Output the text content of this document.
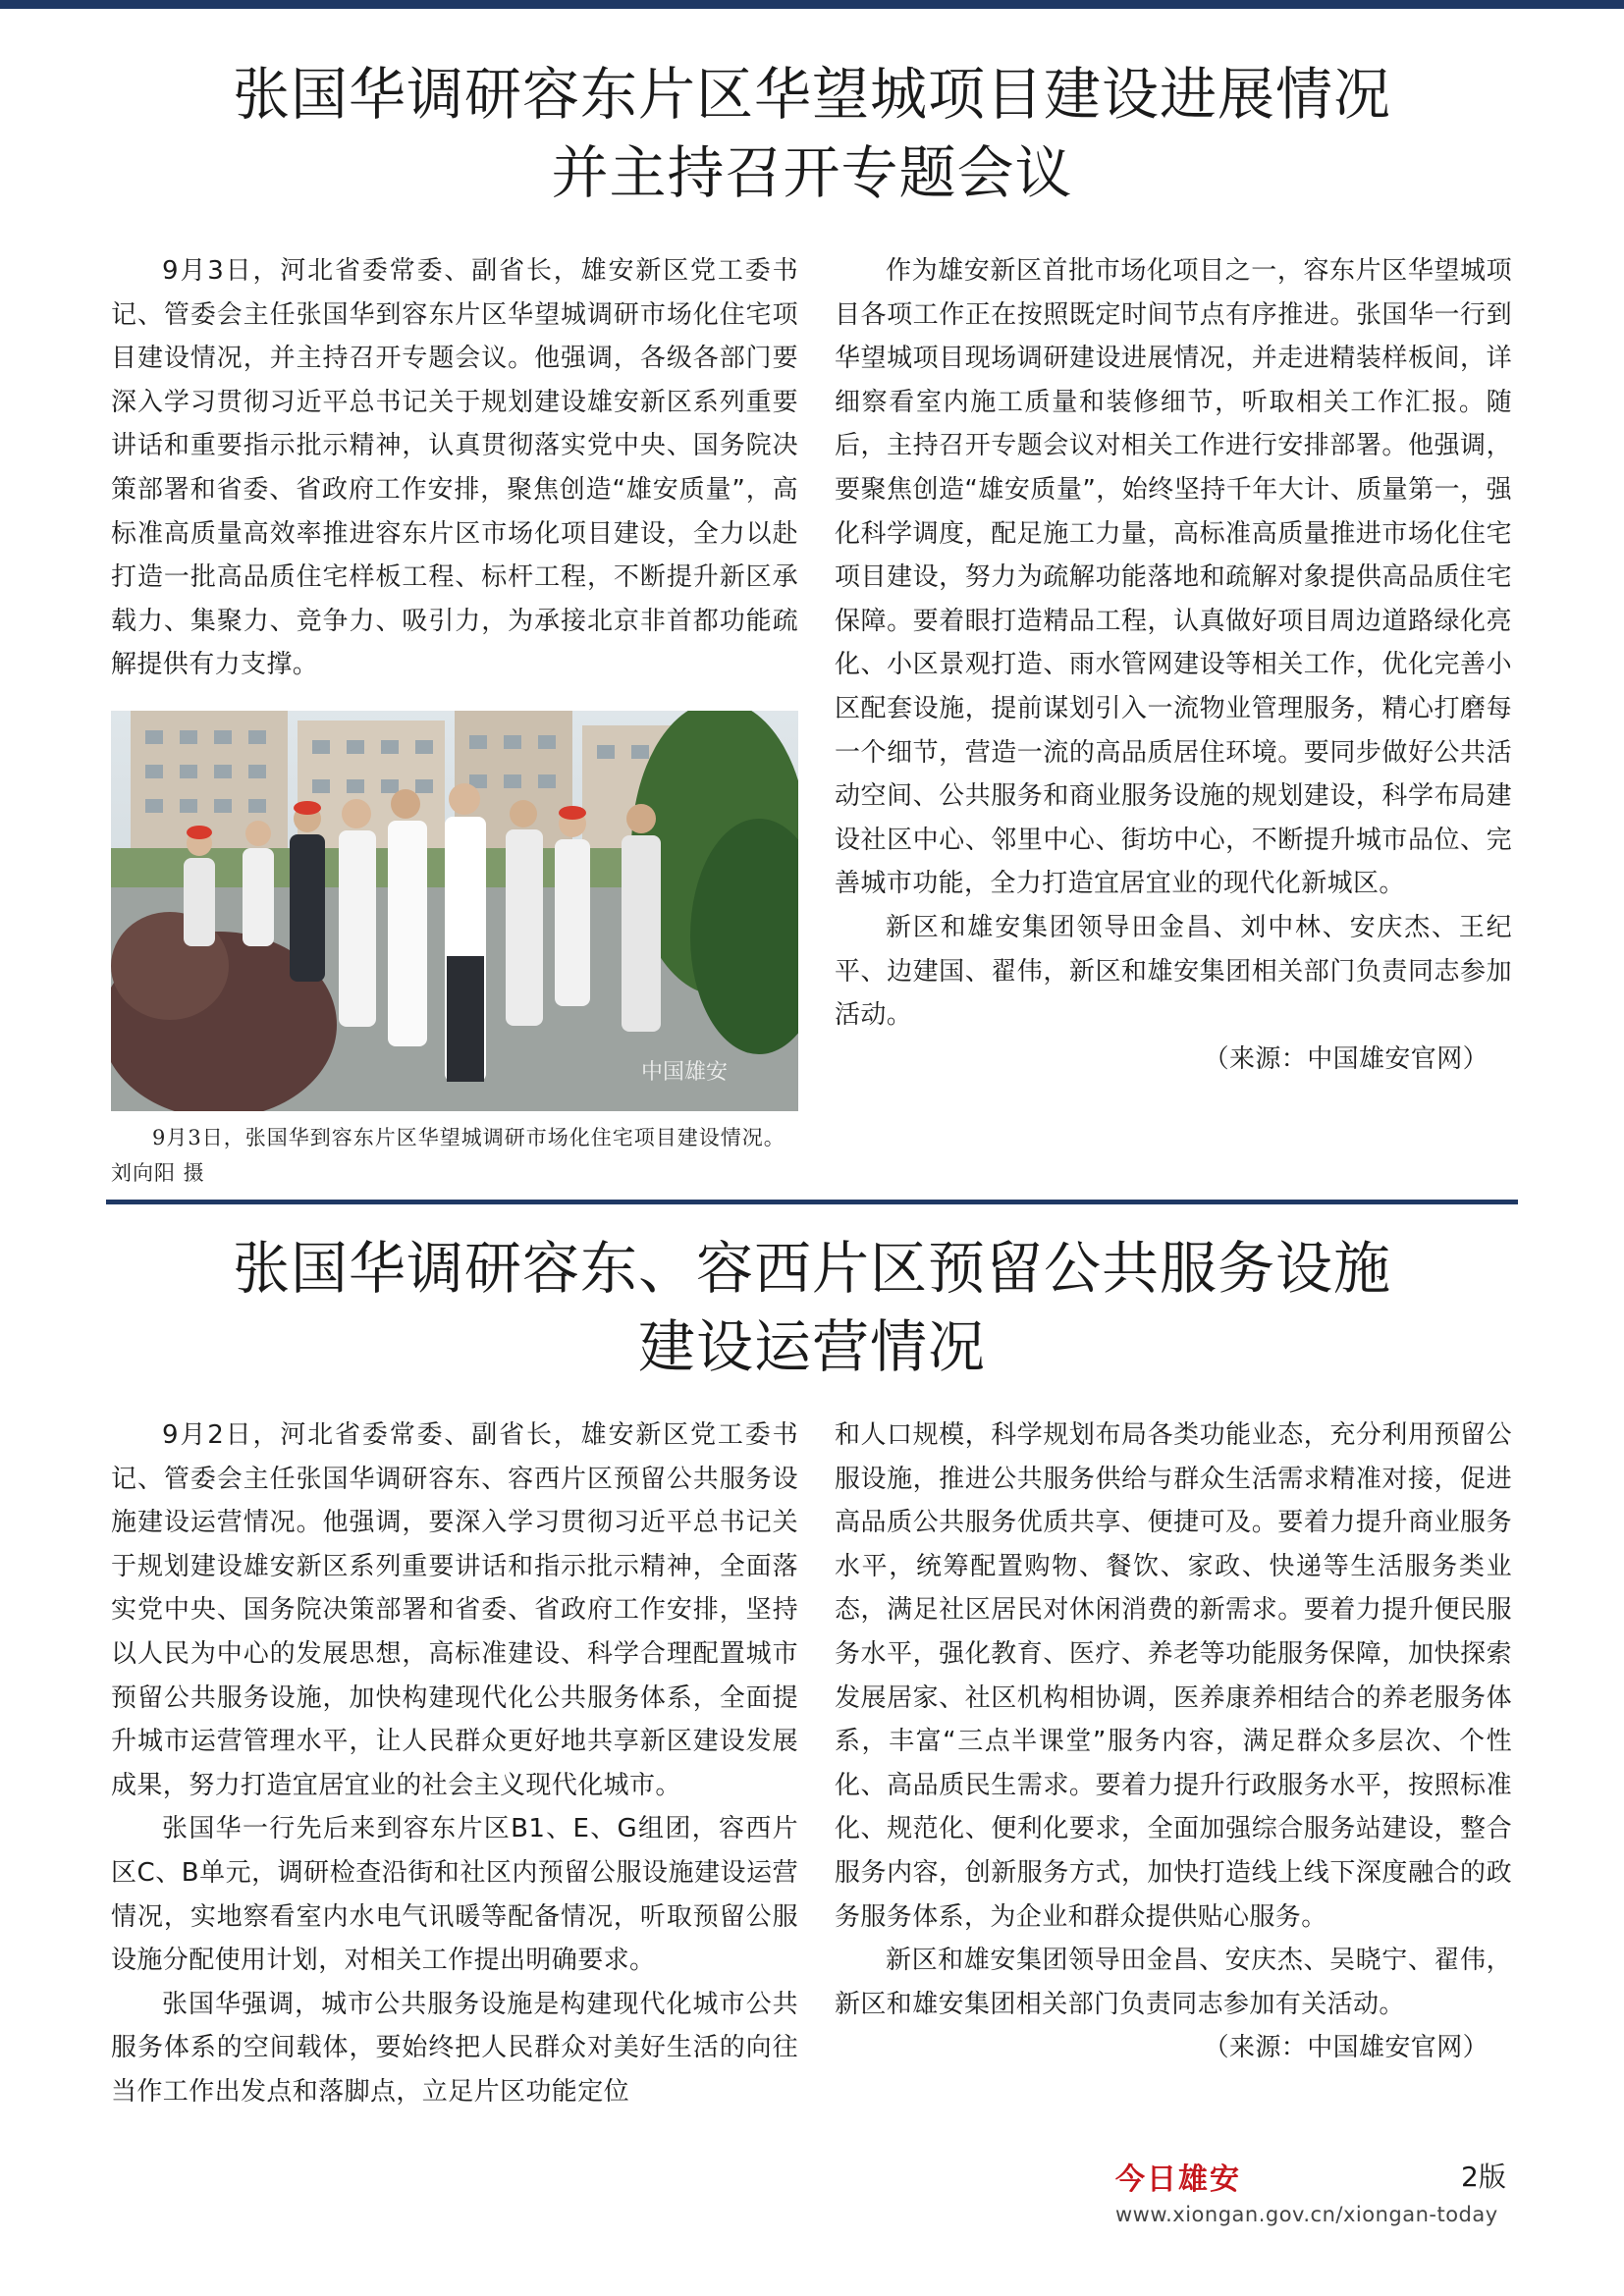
张国华调研容东片区华望城项目建设进展情况
并主持召开专题会议

9月3日，河北省委常委、副省长，雄安新区党工委书记、管委会主任张国华到容东片区华望城调研市场化住宅项目建设情况，并主持召开专题会议。他强调，各级各部门要深入学习贯彻习近平总书记关于规划建设雄安新区系列重要讲话和重要指示批示精神，认真贯彻落实党中央、国务院决策部署和省委、省政府工作安排，聚焦创造“雄安质量”，高标准高质量高效率推进容东片区市场化项目建设，全力以赴打造一批高品质住宅样板工程、标杆工程，不断提升新区承载力、集聚力、竞争力、吸引力，为承接北京非首都功能疏解提供有力支撑。

中国雄安
9月3日，张国华到容东片区华望城调研市场化住宅项目建设情况。刘向阳 摄

作为雄安新区首批市场化项目之一，容东片区华望城项目各项工作正在按照既定时间节点有序推进。张国华一行到华望城项目现场调研建设进展情况，并走进精装样板间，详细察看室内施工质量和装修细节，听取相关工作汇报。随后，主持召开专题会议对相关工作进行安排部署。他强调，要聚焦创造“雄安质量”，始终坚持千年大计、质量第一，强化科学调度，配足施工力量，高标准高质量推进市场化住宅项目建设，努力为疏解功能落地和疏解对象提供高品质住宅保障。要着眼打造精品工程，认真做好项目周边道路绿化亮化、小区景观打造、雨水管网建设等相关工作，优化完善小区配套设施，提前谋划引入一流物业管理服务，精心打磨每一个细节，营造一流的高品质居住环境。要同步做好公共活动空间、公共服务和商业服务设施的规划建设，科学布局建设社区中心、邻里中心、街坊中心，不断提升城市品位、完善城市功能，全力打造宜居宜业的现代化新城区。

新区和雄安集团领导田金昌、刘中林、安庆杰、王纪平、边建国、翟伟，新区和雄安集团相关部门负责同志参加活动。

（来源：中国雄安官网）

张国华调研容东、容西片区预留公共服务设施
建设运营情况

9月2日，河北省委常委、副省长，雄安新区党工委书记、管委会主任张国华调研容东、容西片区预留公共服务设施建设运营情况。他强调，要深入学习贯彻习近平总书记关于规划建设雄安新区系列重要讲话和指示批示精神，全面落实党中央、国务院决策部署和省委、省政府工作安排，坚持以人民为中心的发展思想，高标准建设、科学合理配置城市预留公共服务设施，加快构建现代化公共服务体系，全面提升城市运营管理水平，让人民群众更好地共享新区建设发展成果，努力打造宜居宜业的社会主义现代化城市。

张国华一行先后来到容东片区B1、E、G组团，容西片区C、B单元，调研检查沿街和社区内预留公服设施建设运营情况，实地察看室内水电气讯暖等配备情况，听取预留公服设施分配使用计划，对相关工作提出明确要求。

张国华强调，城市公共服务设施是构建现代化城市公共服务体系的空间载体，要始终把人民群众对美好生活的向往当作工作出发点和落脚点，立足片区功能定位

和人口规模，科学规划布局各类功能业态，充分利用预留公服设施，推进公共服务供给与群众生活需求精准对接，促进高品质公共服务优质共享、便捷可及。要着力提升商业服务水平，统筹配置购物、餐饮、家政、快递等生活服务类业态，满足社区居民对休闲消费的新需求。要着力提升便民服务水平，强化教育、医疗、养老等功能服务保障，加快探索发展居家、社区机构相协调，医养康养相结合的养老服务体系，丰富“三点半课堂”服务内容，满足群众多层次、个性化、高品质民生需求。要着力提升行政服务水平，按照标准化、规范化、便利化要求，全面加强综合服务站建设，整合服务内容，创新服务方式，加快打造线上线下深度融合的政务服务体系，为企业和群众提供贴心服务。

新区和雄安集团领导田金昌、安庆杰、吴晓宁、翟伟，新区和雄安集团相关部门负责同志参加有关活动。

（来源：中国雄安官网）

今日雄安	2版
www.xiongan.gov.cn/xiongan-today
